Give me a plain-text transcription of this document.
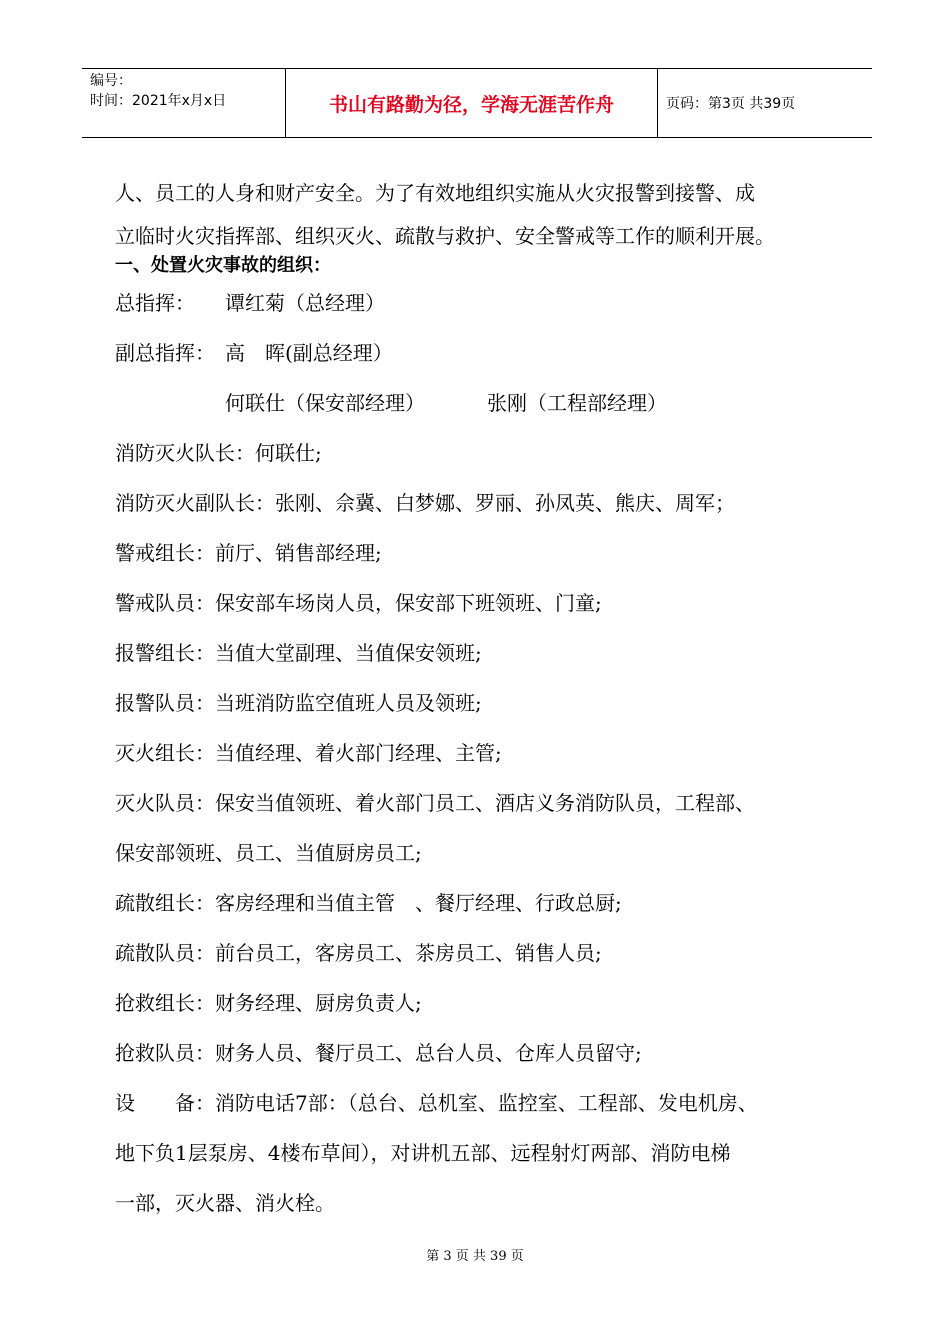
编号：
时间：2021年x月x日	书山有路勤为径，学海无涯苦作舟	页码：第3页 共39页
人、员工的人身和财产安全。为了有效地组织实施从火灾报警到接警、成
立临时火灾指挥部、组织灭火、疏散与救护、安全警戒等工作的顺利开展。
一、处置火灾事故的组织：
总指挥： 谭红菊（总经理）
副总指挥： 高　晖(副总经理）
何联仕（保安部经理）	张刚（工程部经理）
消防灭火队长：何联仕;
消防灭火副队长：张刚、佘冀、白梦娜、罗丽、孙凤英、熊庆、周军；
警戒组长：前厅、销售部经理;
警戒队员：保安部车场岗人员，保安部下班领班、门童;
报警组长：当值大堂副理、当值保安领班;
报警队员：当班消防监空值班人员及领班;
灭火组长：当值经理、着火部门经理、主管;
灭火队员：保安当值领班、着火部门员工、酒店义务消防队员，工程部、
保安部领班、员工、当值厨房员工;
疏散组长：客房经理和当值主管　、餐厅经理、行政总厨;
疏散队员：前台员工，客房员工、茶房员工、销售人员;
抢救组长：财务经理、厨房负责人;
抢救队员：财务人员、餐厅员工、总台人员、仓库人员留守;
设　　备：消防电话7部：（总台、总机室、监控室、工程部、发电机房、
地下负1层泵房、4楼布草间），对讲机五部、远程射灯两部、消防电梯
一部，灭火器、消火栓。
第 3 页 共 39 页
